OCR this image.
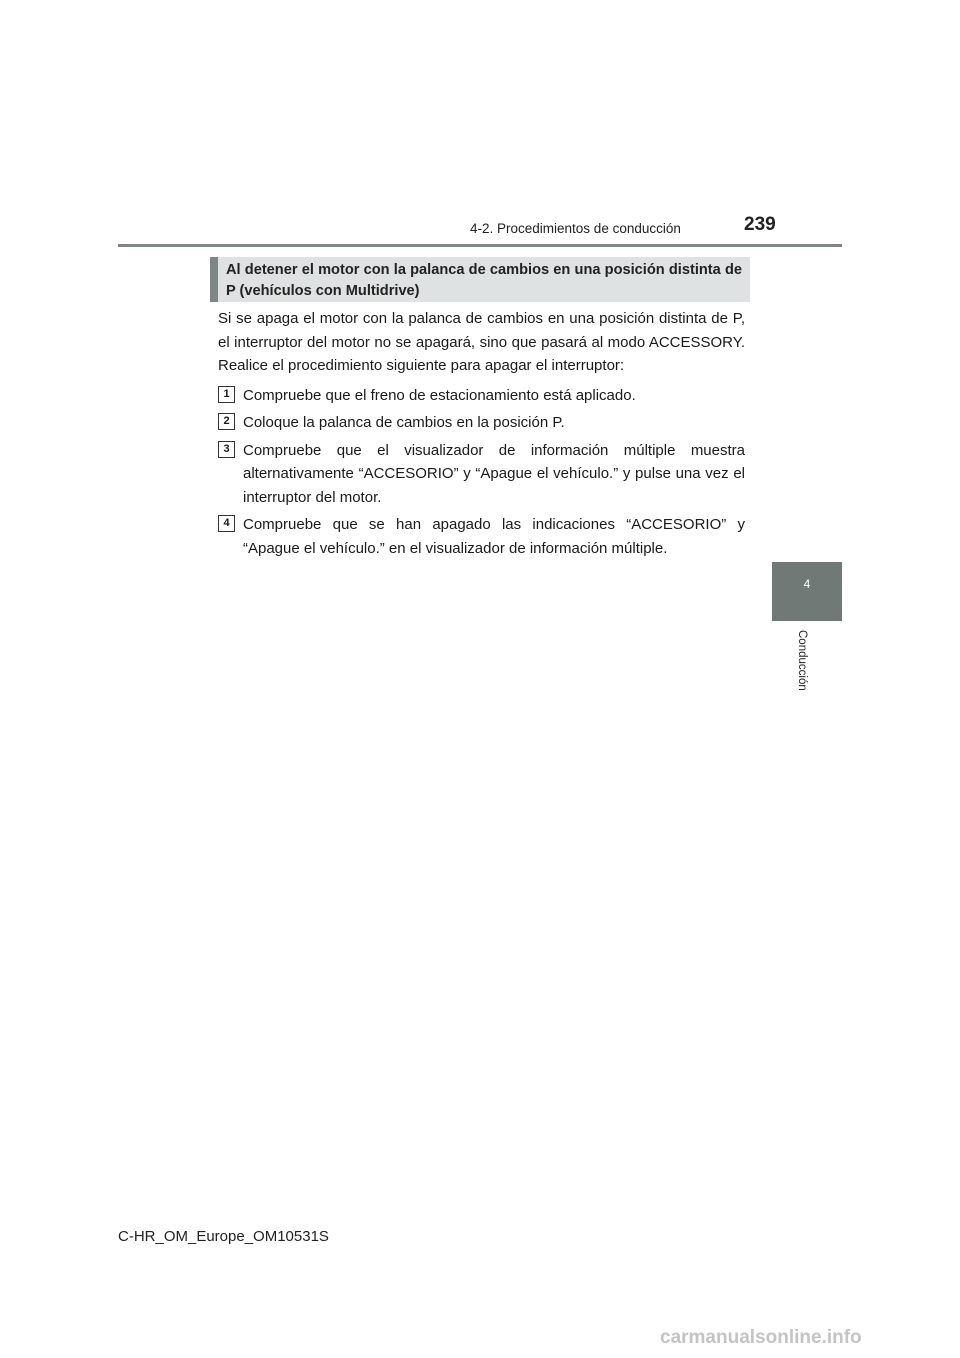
4-2. Procedimientos de conducción	239
4
Conducción
Al detener el motor con la palanca de cambios en una posición distinta de P (vehículos con Multidrive)

Si se apaga el motor con la palanca de cambios en una posición distinta de P, el interruptor del motor no se apagará, sino que pasará al modo ACCESSORY. Realice el procedimiento siguiente para apagar el interruptor:

1 Compruebe que el freno de estacionamiento está aplicado.
2 Coloque la palanca de cambios en la posición P.
3 Compruebe que el visualizador de información múltiple muestra alternativamente “ACCESORIO” y “Apague el vehículo.” y pulse una vez el interruptor del motor.
4 Compruebe que se han apagado las indicaciones “ACCESORIO” y “Apague el vehículo.” en el visualizador de información múltiple.
C-HR_OM_Europe_OM10531S
carmanualsonline.info
